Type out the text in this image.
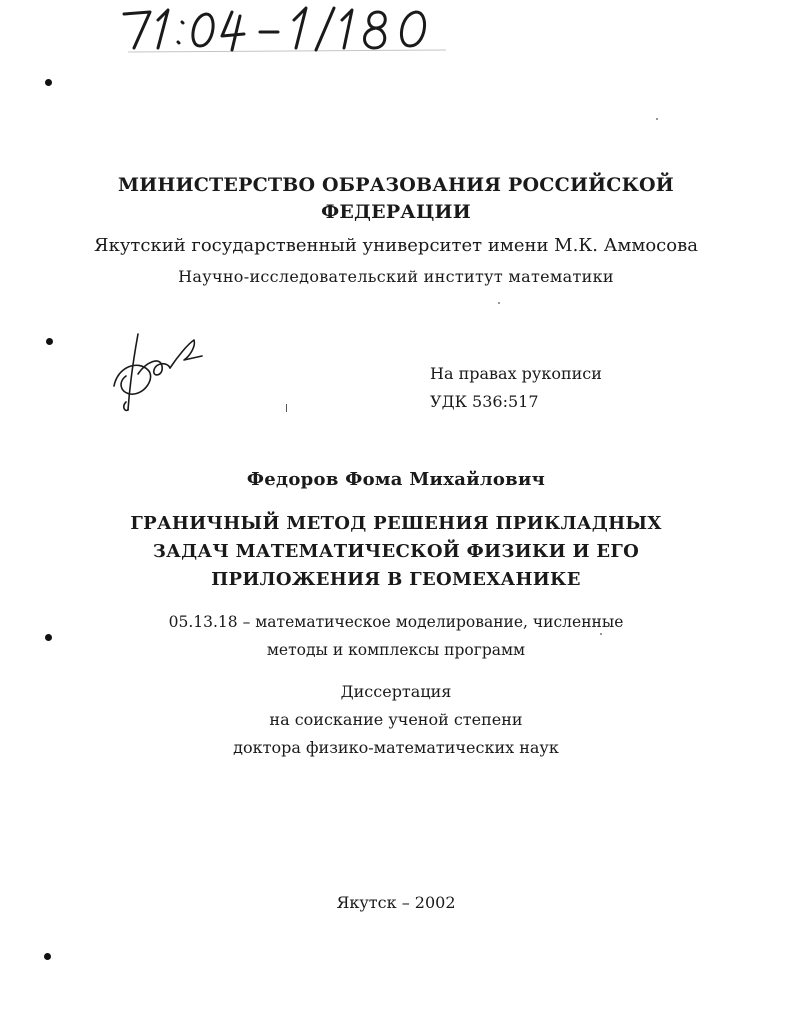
МИНИСТЕРСТВО ОБРАЗОВАНИЯ РОССИЙСКОЙ
ФЕДЕРАЦИИ
Якутский государственный университет имени М.К. Аммосова
Научно-исследовательский институт математики
На правах рукописи
УДК 536:517
Федоров Фома Михайлович
ГРАНИЧНЫЙ МЕТОД РЕШЕНИЯ ПРИКЛАДНЫХ
ЗАДАЧ МАТЕМАТИЧЕСКОЙ ФИЗИКИ И ЕГО
ПРИЛОЖЕНИЯ В ГЕОМЕХАНИКЕ
05.13.18 – математическое моделирование, численные
методы и комплексы программ
Диссертация
на соискание ученой степени
доктора физико-математических наук
Якутск – 2002
